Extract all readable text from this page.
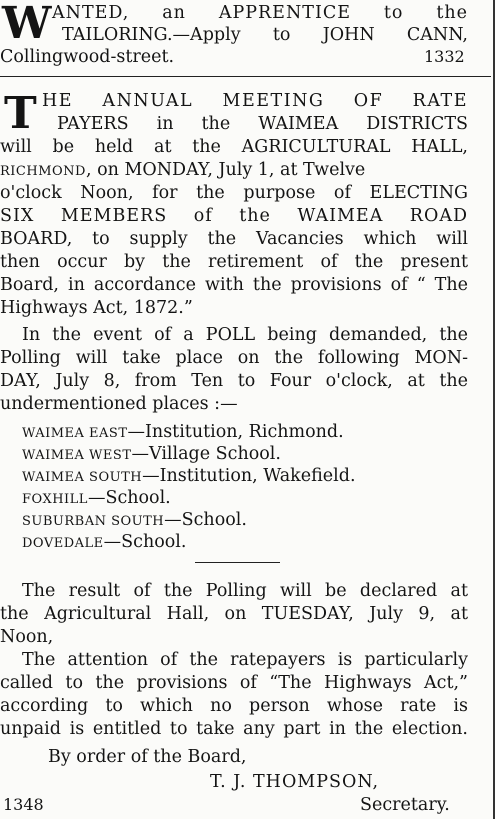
W ANTED, an APPRENTICE to the
TAILORING.—Apply to JOHN CANN,
Collingwood-street.	1332
T HE ANNUAL MEETING OF RATE
PAYERS in the WAIMEA DISTRICTS
will be held at the AGRICULTURAL HALL,
RICHMOND, on MONDAY, July 1, at Twelve
o'clock Noon, for the purpose of ELECTING
SIX MEMBERS of the WAIMEA ROAD
BOARD, to supply the Vacancies which will
then occur by the retirement of the present
Board, in accordance with the provisions of “ The
Highways Act, 1872.”
In the event of a POLL being demanded, the
Polling will take place on the following MON-
DAY, July 8, from Ten to Four o'clock, at the
undermentioned places :—
WAIMEA EAST—Institution, Richmond.
WAIMEA WEST—Village School.
WAIMEA SOUTH—Institution, Wakefield.
FOXHILL—School.
SUBURBAN SOUTH—School.
DOVEDALE—School.
The result of the Polling will be declared at
the Agricultural Hall, on TUESDAY, July 9, at
Noon,
The attention of the ratepayers is particularly
called to the provisions of “The Highways Act,”
according to which no person whose rate is
unpaid is entitled to take any part in the election.
By order of the Board,
T. J. THOMPSON,
1348	Secretary.
